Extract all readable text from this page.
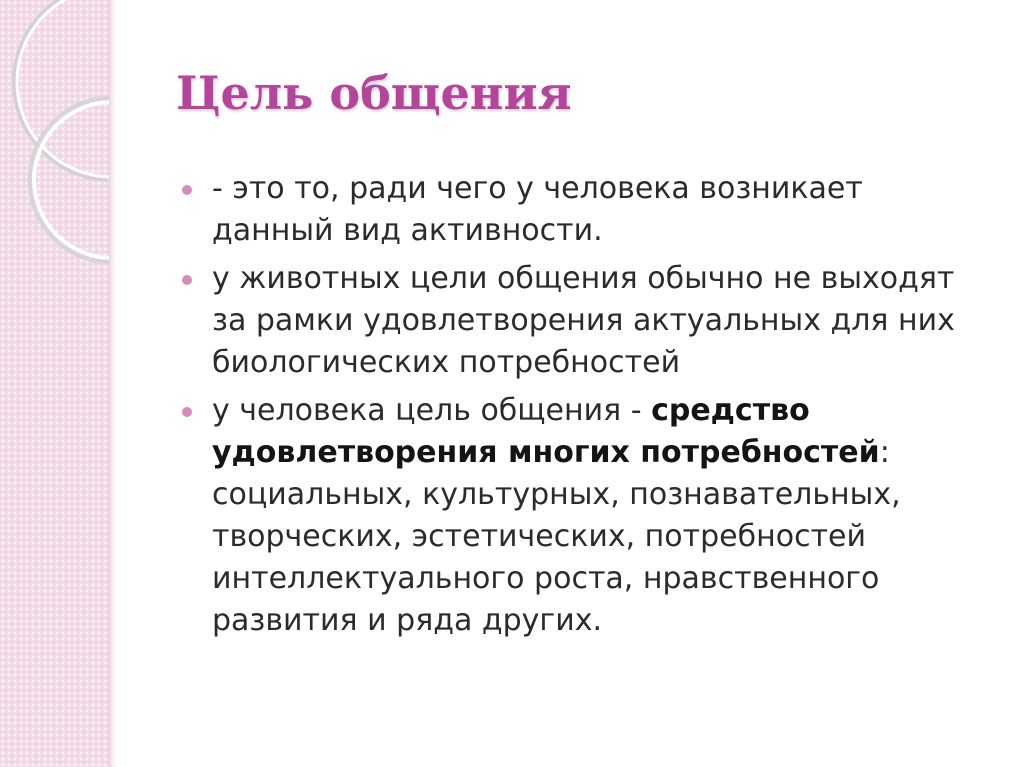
Цель общения
- это то, ради чего у человека возникает данный вид активности.
у животных цели общения обычно не выходят за рамки удовлетворения актуальных для них биологических потребностей
у человека цель общения - средство удовлетворения многих потребностей: социальных, культурных, познавательных, творческих, эстетических, потребностей интеллектуального роста, нравственного развития и ряда других.
